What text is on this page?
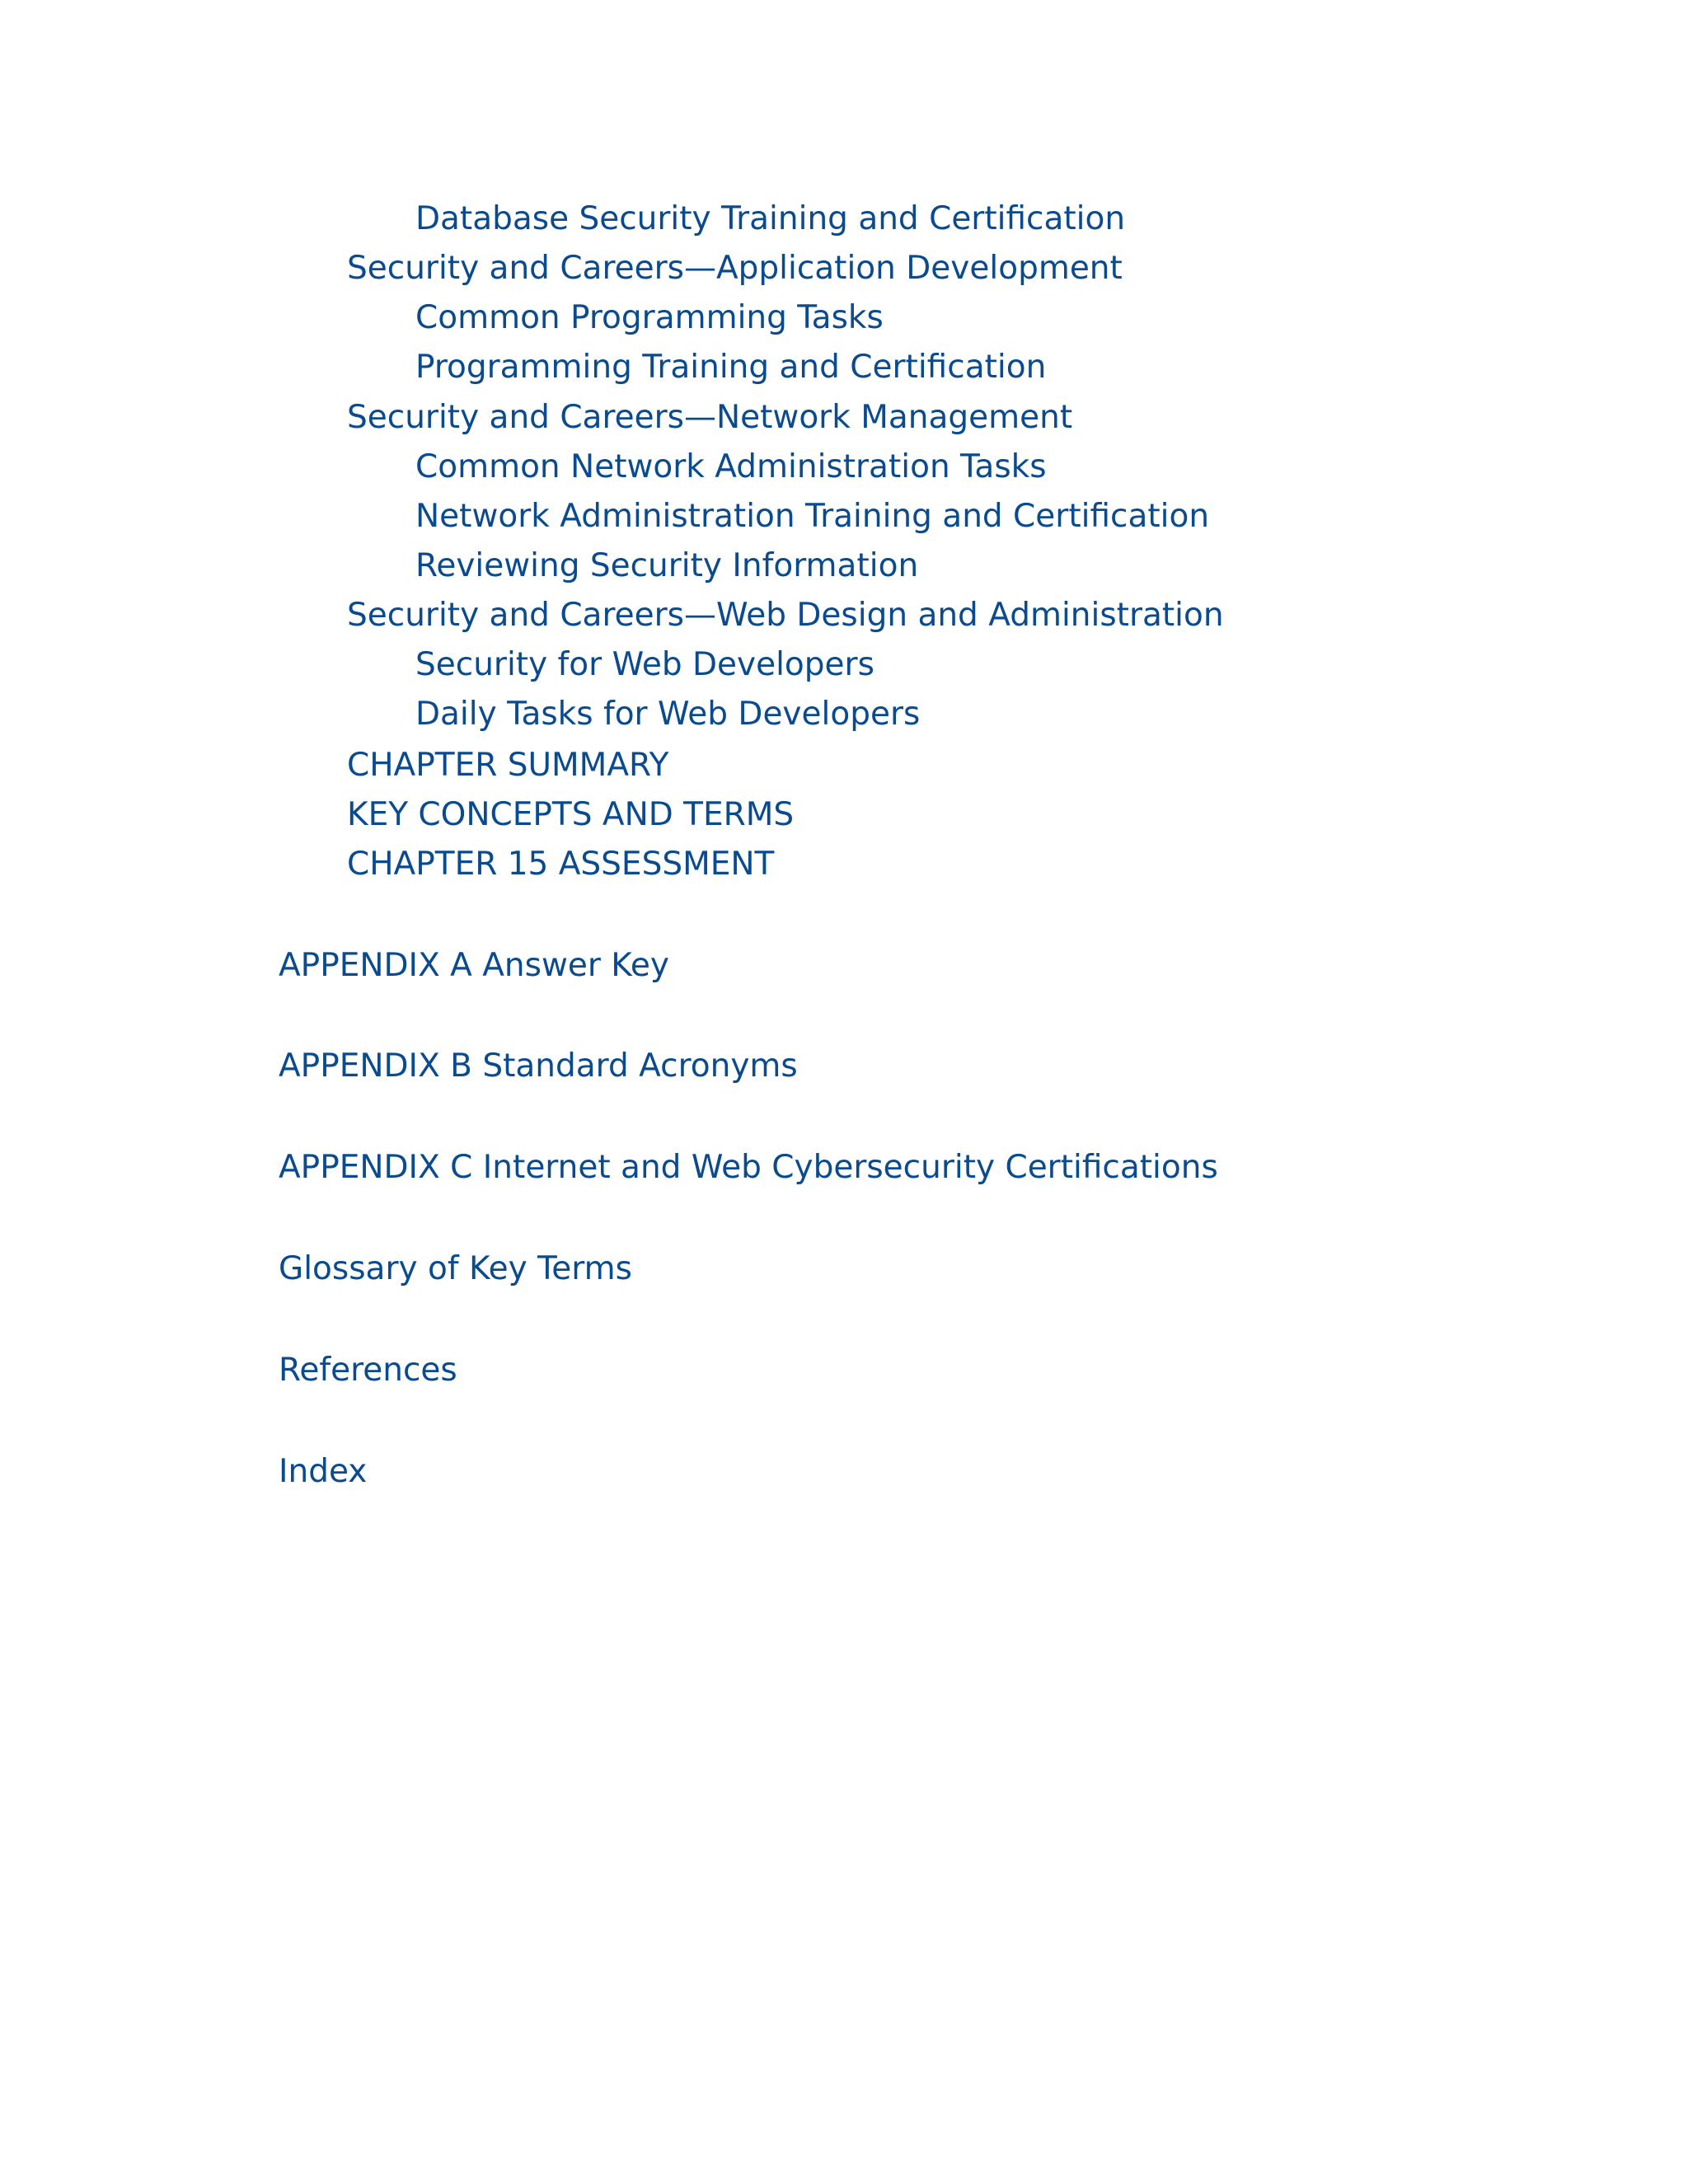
Database Security Training and Certification
Security and Careers—Application Development
Common Programming Tasks
Programming Training and Certification
Security and Careers—Network Management
Common Network Administration Tasks
Network Administration Training and Certification
Reviewing Security Information
Security and Careers—Web Design and Administration
Security for Web Developers
Daily Tasks for Web Developers
CHAPTER SUMMARY
KEY CONCEPTS AND TERMS
CHAPTER 15 ASSESSMENT
APPENDIX A Answer Key
APPENDIX B Standard Acronyms
APPENDIX C Internet and Web Cybersecurity Certifications
Glossary of Key Terms
References
Index
